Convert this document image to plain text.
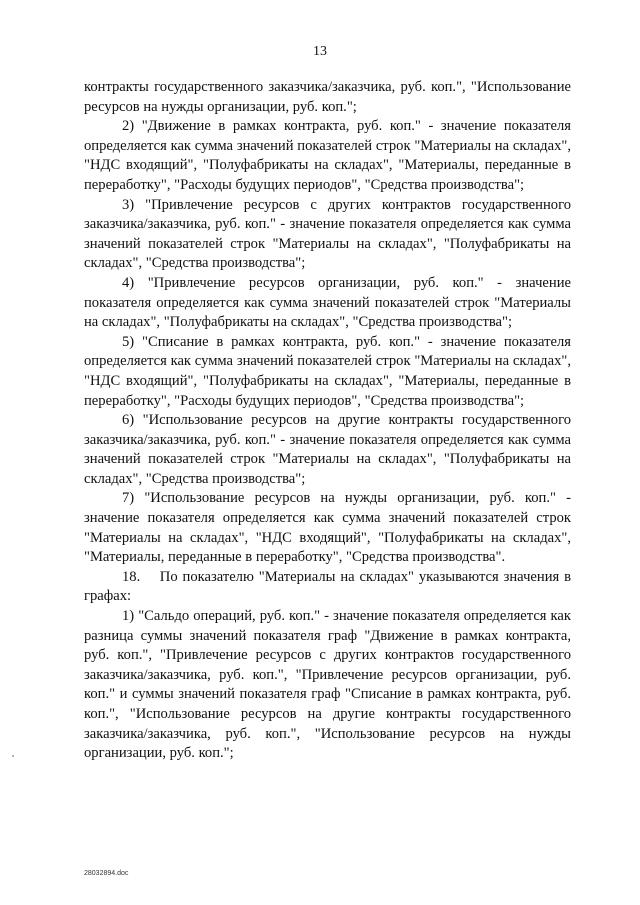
13

контракты государственного заказчика/заказчика, руб. коп.", "Использование ресурсов на нужды организации, руб. коп.";

2) "Движение в рамках контракта, руб. коп." - значение показателя определяется как сумма значений показателей строк "Материалы на складах", "НДС входящий", "Полуфабрикаты на складах", "Материалы, переданные в переработку", "Расходы будущих периодов", "Средства производства";

3) "Привлечение ресурсов с других контрактов государственного заказчика/заказчика, руб. коп." - значение показателя определяется как сумма значений показателей строк "Материалы на складах", "Полуфабрикаты на складах", "Средства производства";

4) "Привлечение ресурсов организации, руб. коп." - значение показателя определяется как сумма значений показателей строк "Материалы на складах", "Полуфабрикаты на складах", "Средства производства";

5) "Списание в рамках контракта, руб. коп." - значение показателя определяется как сумма значений показателей строк "Материалы на складах", "НДС входящий", "Полуфабрикаты на складах", "Материалы, переданные в переработку", "Расходы будущих периодов", "Средства производства";

6) "Использование ресурсов на другие контракты государственного заказчика/заказчика, руб. коп." - значение показателя определяется как сумма значений показателей строк "Материалы на складах", "Полуфабрикаты на складах", "Средства производства";

7) "Использование ресурсов на нужды организации, руб. коп." - значение показателя определяется как сумма значений показателей строк "Материалы на складах", "НДС входящий", "Полуфабрикаты на складах", "Материалы, переданные в переработку", "Средства производства".

18.    По показателю "Материалы на складах" указываются значения в графах:

1) "Сальдо операций, руб. коп." - значение показателя определяется как разница суммы значений показателя граф "Движение в рамках контракта, руб. коп.", "Привлечение ресурсов с других контрактов государственного заказчика/заказчика, руб. коп.", "Привлечение ресурсов организации, руб. коп." и суммы значений показателя граф "Списание в рамках контракта, руб. коп.", "Использование ресурсов на другие контракты государственного заказчика/заказчика, руб. коп.", "Использование ресурсов на нужды организации, руб. коп.";

28032894.doc
